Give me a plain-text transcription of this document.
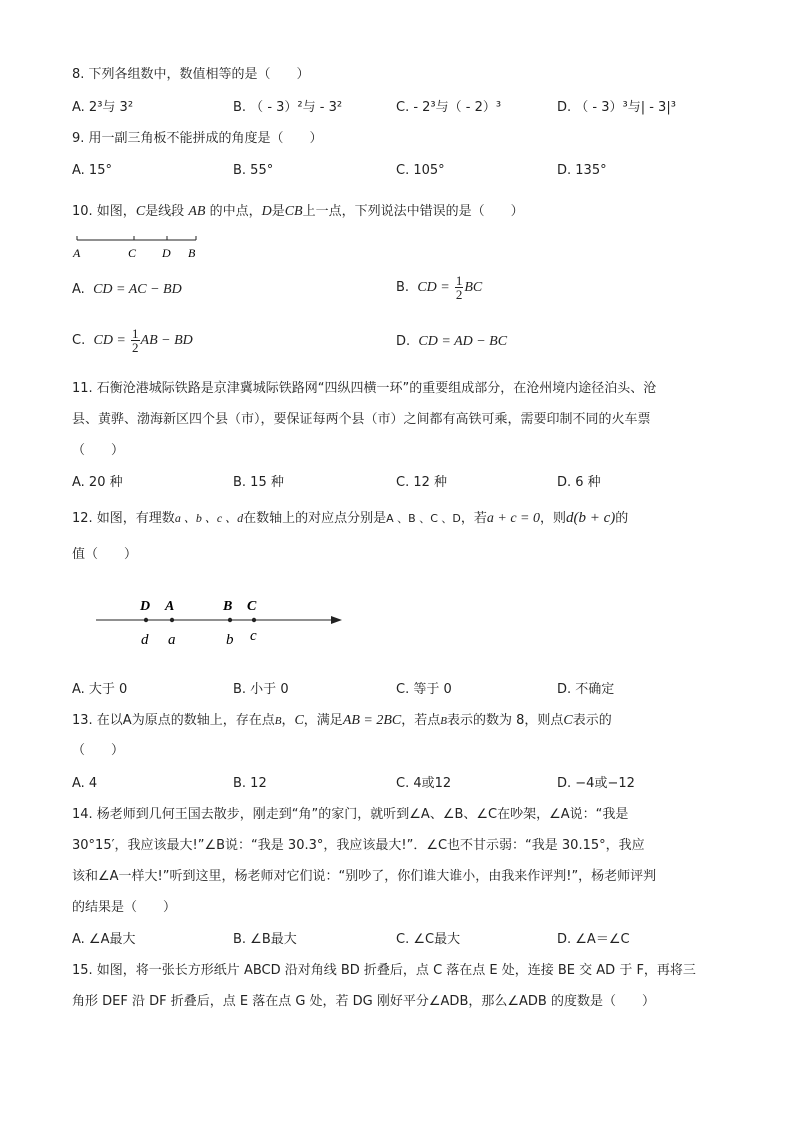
8. 下列各组数中，数值相等的是（　　）
A. 2³与 3²	B. （ - 3）²与 - 3²	C. - 2³与（ - 2）³	D. （ - 3）³与| - 3|³
9. 用一副三角板不能拼成的角度是（　　）
A. 15°	B. 55°	C. 105°	D. 135°
10. 如图，C是线段 AB 的中点，D是CB上一点，下列说法中错误的是（　　）
A	C D B
A. CD = AC − BD	B. CD = $\frac{1}{2}$ BC
C. CD = $\frac{1}{2}$ AB − BD	D. CD = AD − BC
11. 石衡沧港城际铁路是京津冀城际铁路网“四纵四横一环”的重要组成部分，在沧州境内途径泊头、沧
县、黄骅、渤海新区四个县（市），要保证每两个县（市）之间都有高铁可乘，需要印制不同的火车票
（　　）
A. 20 种	B. 15 种	C. 12 种	D. 6 种
12. 如图，有理数a 、b 、c 、d在数轴上的对应点分别是A 、B 、C 、D，若a + c = 0，则d(b + c)的
值（　　）
D A	B C
d a	b c
A. 大于 0	B. 小于 0	C. 等于 0	D. 不确定
13. 在以A为原点的数轴上，存在点B，C，满足AB = 2BC，若点B表示的数为 8，则点C表示的
（　　）
A. 4	B. 12	C. 4或12	D. −4或−12
14. 杨老师到几何王国去散步，刚走到“角”的家门，就听到∠A、∠B、∠C在吵架，∠A说：“我是
30°15′，我应该最大!”∠B说：“我是 30.3°，我应该最大!”．∠C也不甘示弱：“我是 30.15°，我应
该和∠A一样大!”听到这里，杨老师对它们说：“别吵了，你们谁大谁小，由我来作评判!”，杨老师评判
的结果是（　　）
A. ∠A最大	B. ∠B最大	C. ∠C最大	D. ∠A＝∠C
15. 如图，将一张长方形纸片 ABCD 沿对角线 BD 折叠后，点 C 落在点 E 处，连接 BE 交 AD 于 F，再将三
角形 DEF 沿 DF 折叠后，点 E 落在点 G 处，若 DG 刚好平分∠ADB，那么∠ADB 的度数是（　　）
